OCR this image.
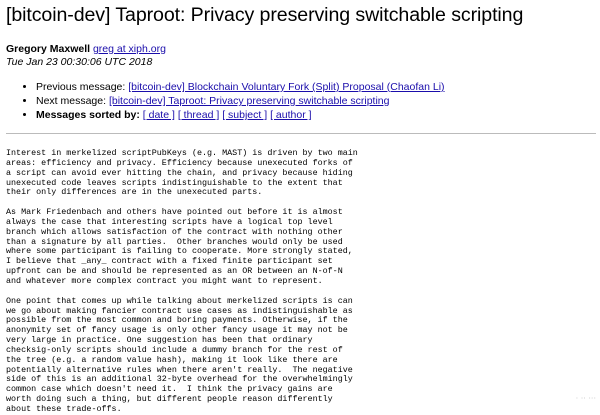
[bitcoin-dev] Taproot: Privacy preserving switchable scripting
Gregory Maxwell greg at xiph.org
Tue Jan 23 00:30:06 UTC 2018
• Previous message: [bitcoin-dev] Blockchain Voluntary Fork (Split) Proposal (Chaofan Li)
• Next message: [bitcoin-dev] Taproot: Privacy preserving switchable scripting
• Messages sorted by: [ date ] [ thread ] [ subject ] [ author ]
Interest in merkelized scriptPubKeys (e.g. MAST) is driven by two main
areas: efficiency and privacy. Efficiency because unexecuted forks of
a script can avoid ever hitting the chain, and privacy because hiding
unexecuted code leaves scripts indistinguishable to the extent that
their only differences are in the unexecuted parts.
As Mark Friedenbach and others have pointed out before it is almost
always the case that interesting scripts have a logical top level
branch which allows satisfaction of the contract with nothing other
than a signature by all parties.  Other branches would only be used
where some participant is failing to cooperate. More strongly stated,
I believe that _any_ contract with a fixed finite participant set
upfront can be and should be represented as an OR between an N-of-N
and whatever more complex contract you might want to represent.
One point that comes up while talking about merkelized scripts is can
we go about making fancier contract use cases as indistinguishable as
possible from the most common and boring payments. Otherwise, if the
anonymity set of fancy usage is only other fancy usage it may not be
very large in practice. One suggestion has been that ordinary
checksig-only scripts should include a dummy branch for the rest of
the tree (e.g. a random value hash), making it look like there are
potentially alternative rules when there aren't really.  The negative
side of this is an additional 32-byte overhead for the overwhelmingly
common case which doesn't need it.  I think the privacy gains are
worth doing such a thing, but different people reason differently
about these trade-offs.
· ·· ···
